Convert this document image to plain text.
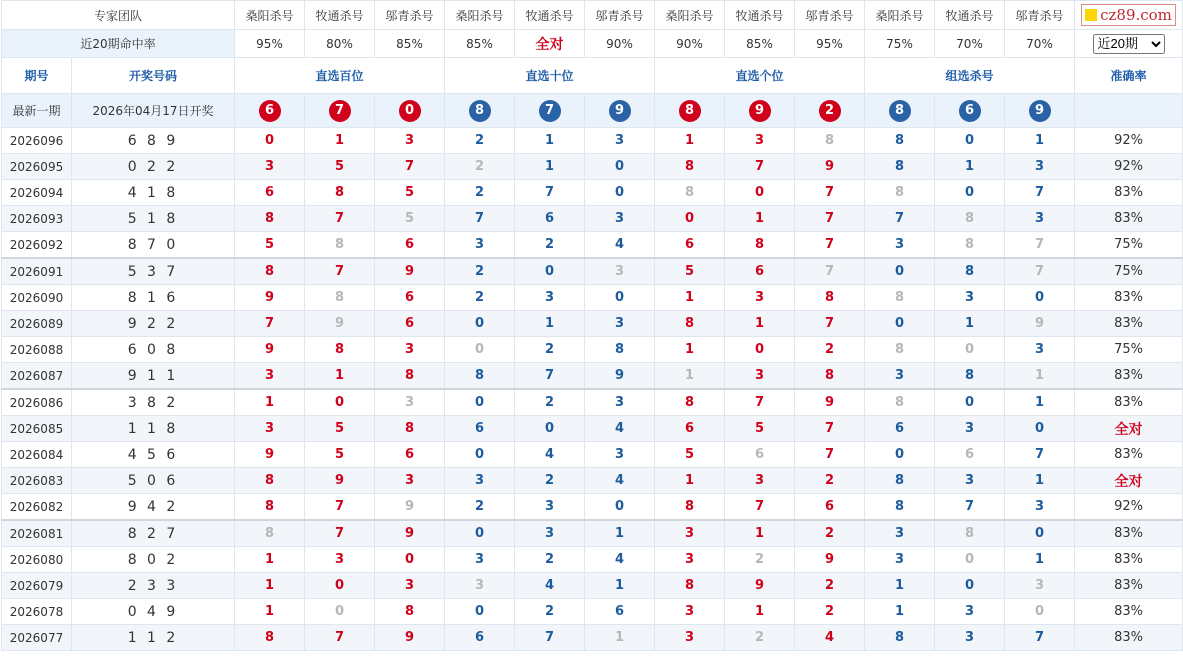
专家团队		桑阳杀号	牧通杀号	邬青杀号	桑阳杀号	牧通杀号	邬青杀号	桑阳杀号	牧通杀号	邬青杀号	桑阳杀号	牧通杀号	邬青杀号	cz89.com

近20期命中率		95%	80%	85%	85%	全对	90%	90%	85%	95%	75%	70%	70%	
近20期
期号	开奖号码	直选百位			直选十位			直选个位			组选杀号			准确率
最新一期	2026年04月17日开奖	6	7	0	8	7	9	8	9	2	8	6	9	
2026096	6 8 9	0	1	3	2	1	3	1	3	8	8	0	1	92%
2026095	0 2 2	3	5	7	2	1	0	8	7	9	8	1	3	92%
2026094	4 1 8	6	8	5	2	7	0	8	0	7	8	0	7	83%
2026093	5 1 8	8	7	5	7	6	3	0	1	7	7	8	3	83%
2026092	8 7 0	5	8	6	3	2	4	6	8	7	3	8	7	75%
2026091	5 3 7	8	7	9	2	0	3	5	6	7	0	8	7	75%
2026090	8 1 6	9	8	6	2	3	0	1	3	8	8	3	0	83%
2026089	9 2 2	7	9	6	0	1	3	8	1	7	0	1	9	83%
2026088	6 0 8	9	8	3	0	2	8	1	0	2	8	0	3	75%
2026087	9 1 1	3	1	8	8	7	9	1	3	8	3	8	1	83%
2026086	3 8 2	1	0	3	0	2	3	8	7	9	8	0	1	83%
2026085	1 1 8	3	5	8	6	0	4	6	5	7	6	3	0	全对
2026084	4 5 6	9	5	6	0	4	3	5	6	7	0	6	7	83%
2026083	5 0 6	8	9	3	3	2	4	1	3	2	8	3	1	全对
2026082	9 4 2	8	7	9	2	3	0	8	7	6	8	7	3	92%
2026081	8 2 7	8	7	9	0	3	1	3	1	2	3	8	0	83%
2026080	8 0 2	1	3	0	3	2	4	3	2	9	3	0	1	83%
2026079	2 3 3	1	0	3	3	4	1	8	9	2	1	0	3	83%
2026078	0 4 9	1	0	8	0	2	6	3	1	2	1	3	0	83%
2026077	1 1 2	8	7	9	6	7	1	3	2	4	8	3	7	83%
